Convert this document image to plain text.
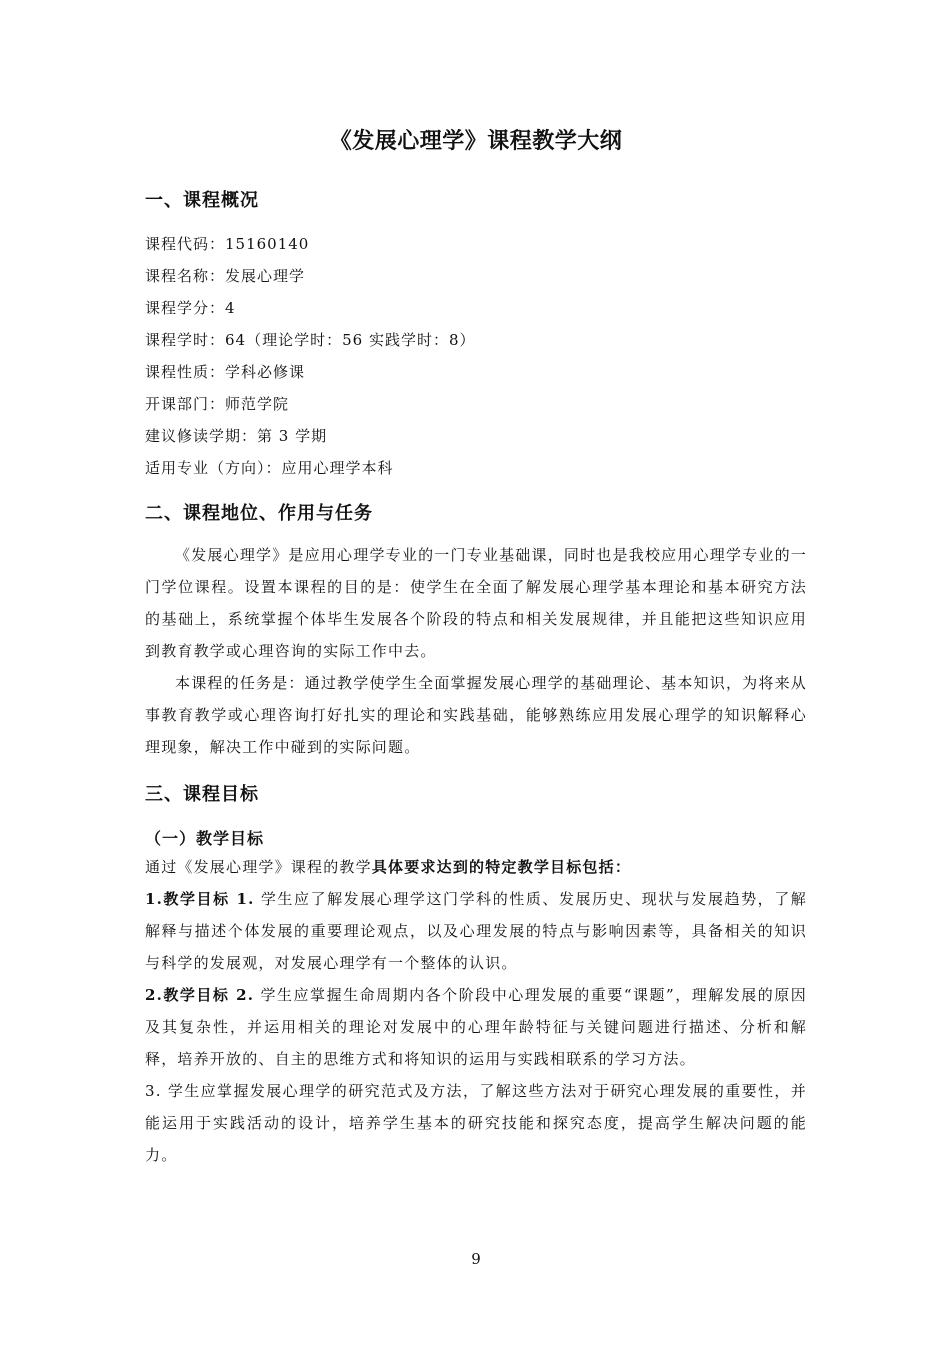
《发展心理学》课程教学大纲
一、课程概况
课程代码：15160140
课程名称：发展心理学
课程学分：4
课程学时：64（理论学时：56 实践学时：8）
课程性质：学科必修课
开课部门：师范学院
建议修读学期：第 3 学期
适用专业（方向）：应用心理学本科
二、课程地位、作用与任务
《发展心理学》是应用心理学专业的一门专业基础课，同时也是我校应用心理学专业的一门学位课程。设置本课程的目的是：使学生在全面了解发展心理学基本理论和基本研究方法的基础上，系统掌握个体毕生发展各个阶段的特点和相关发展规律，并且能把这些知识应用到教育教学或心理咨询的实际工作中去。
本课程的任务是：通过教学使学生全面掌握发展心理学的基础理论、基本知识，为将来从事教育教学或心理咨询打好扎实的理论和实践基础，能够熟练应用发展心理学的知识解释心理现象，解决工作中碰到的实际问题。
三、课程目标
（一）教学目标
通过《发展心理学》课程的教学具体要求达到的特定教学目标包括：
1.教学目标 1. 学生应了解发展心理学这门学科的性质、发展历史、现状与发展趋势，了解解释与描述个体发展的重要理论观点，以及心理发展的特点与影响因素等，具备相关的知识与科学的发展观，对发展心理学有一个整体的认识。
2.教学目标 2. 学生应掌握生命周期内各个阶段中心理发展的重要“课题”，理解发展的原因及其复杂性，并运用相关的理论对发展中的心理年龄特征与关键问题进行描述、分析和解释，培养开放的、自主的思维方式和将知识的运用与实践相联系的学习方法。
3. 学生应掌握发展心理学的研究范式及方法，了解这些方法对于研究心理发展的重要性，并能运用于实践活动的设计，培养学生基本的研究技能和探究态度，提高学生解决问题的能力。
9
